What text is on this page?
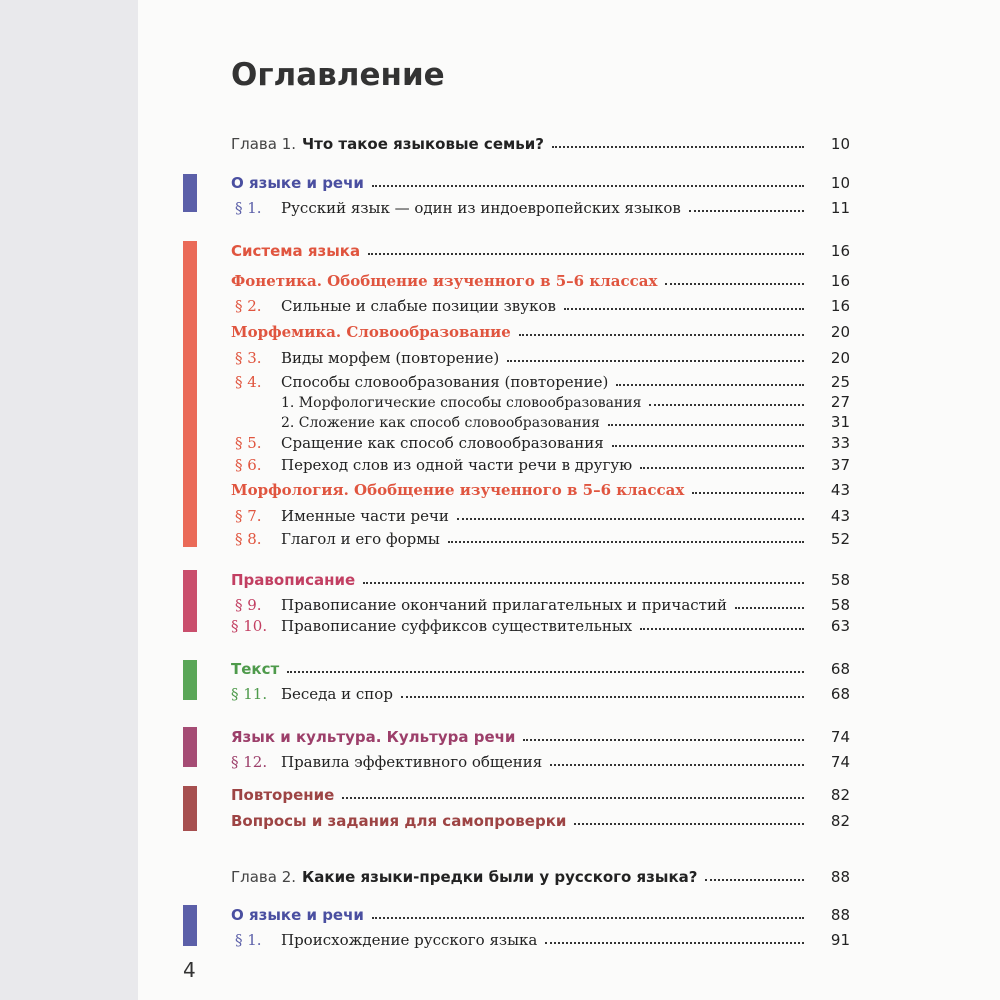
Оглавление
Глава 1. Что такое языковые семьи?	10
О языке и речи	10
§ 1.	Русский язык — один из индоевропейских языков	11
Система языка	16
Фонетика. Обобщение изученного в 5–6 классах	16
§ 2.	Сильные и слабые позиции звуков	16
Морфемика. Словообразование	20
§ 3.	Виды морфем (повторение)	20
§ 4.	Способы словообразования (повторение)	25
1. Морфологические способы словообразования	27
2. Сложение как способ словообразования	31
§ 5.	Сращение как способ словообразования	33
§ 6.	Переход слов из одной части речи в другую	37
Морфология. Обобщение изученного в 5–6 классах	43
§ 7.	Именные части речи	43
§ 8.	Глагол и его формы	52
Правописание	58
§ 9.	Правописание окончаний прилагательных и причастий	58
§ 10. Правописание суффиксов существительных	63
Текст	68
§ 11. Беседа и спор	68
Язык и культура. Культура речи	74
§ 12. Правила эффективного общения	74
Повторение	82
Вопросы и задания для самопроверки	82
Глава 2. Какие языки-предки были у русского языка?	88
О языке и речи	88
§ 1.	Происхождение русского языка	91
4
